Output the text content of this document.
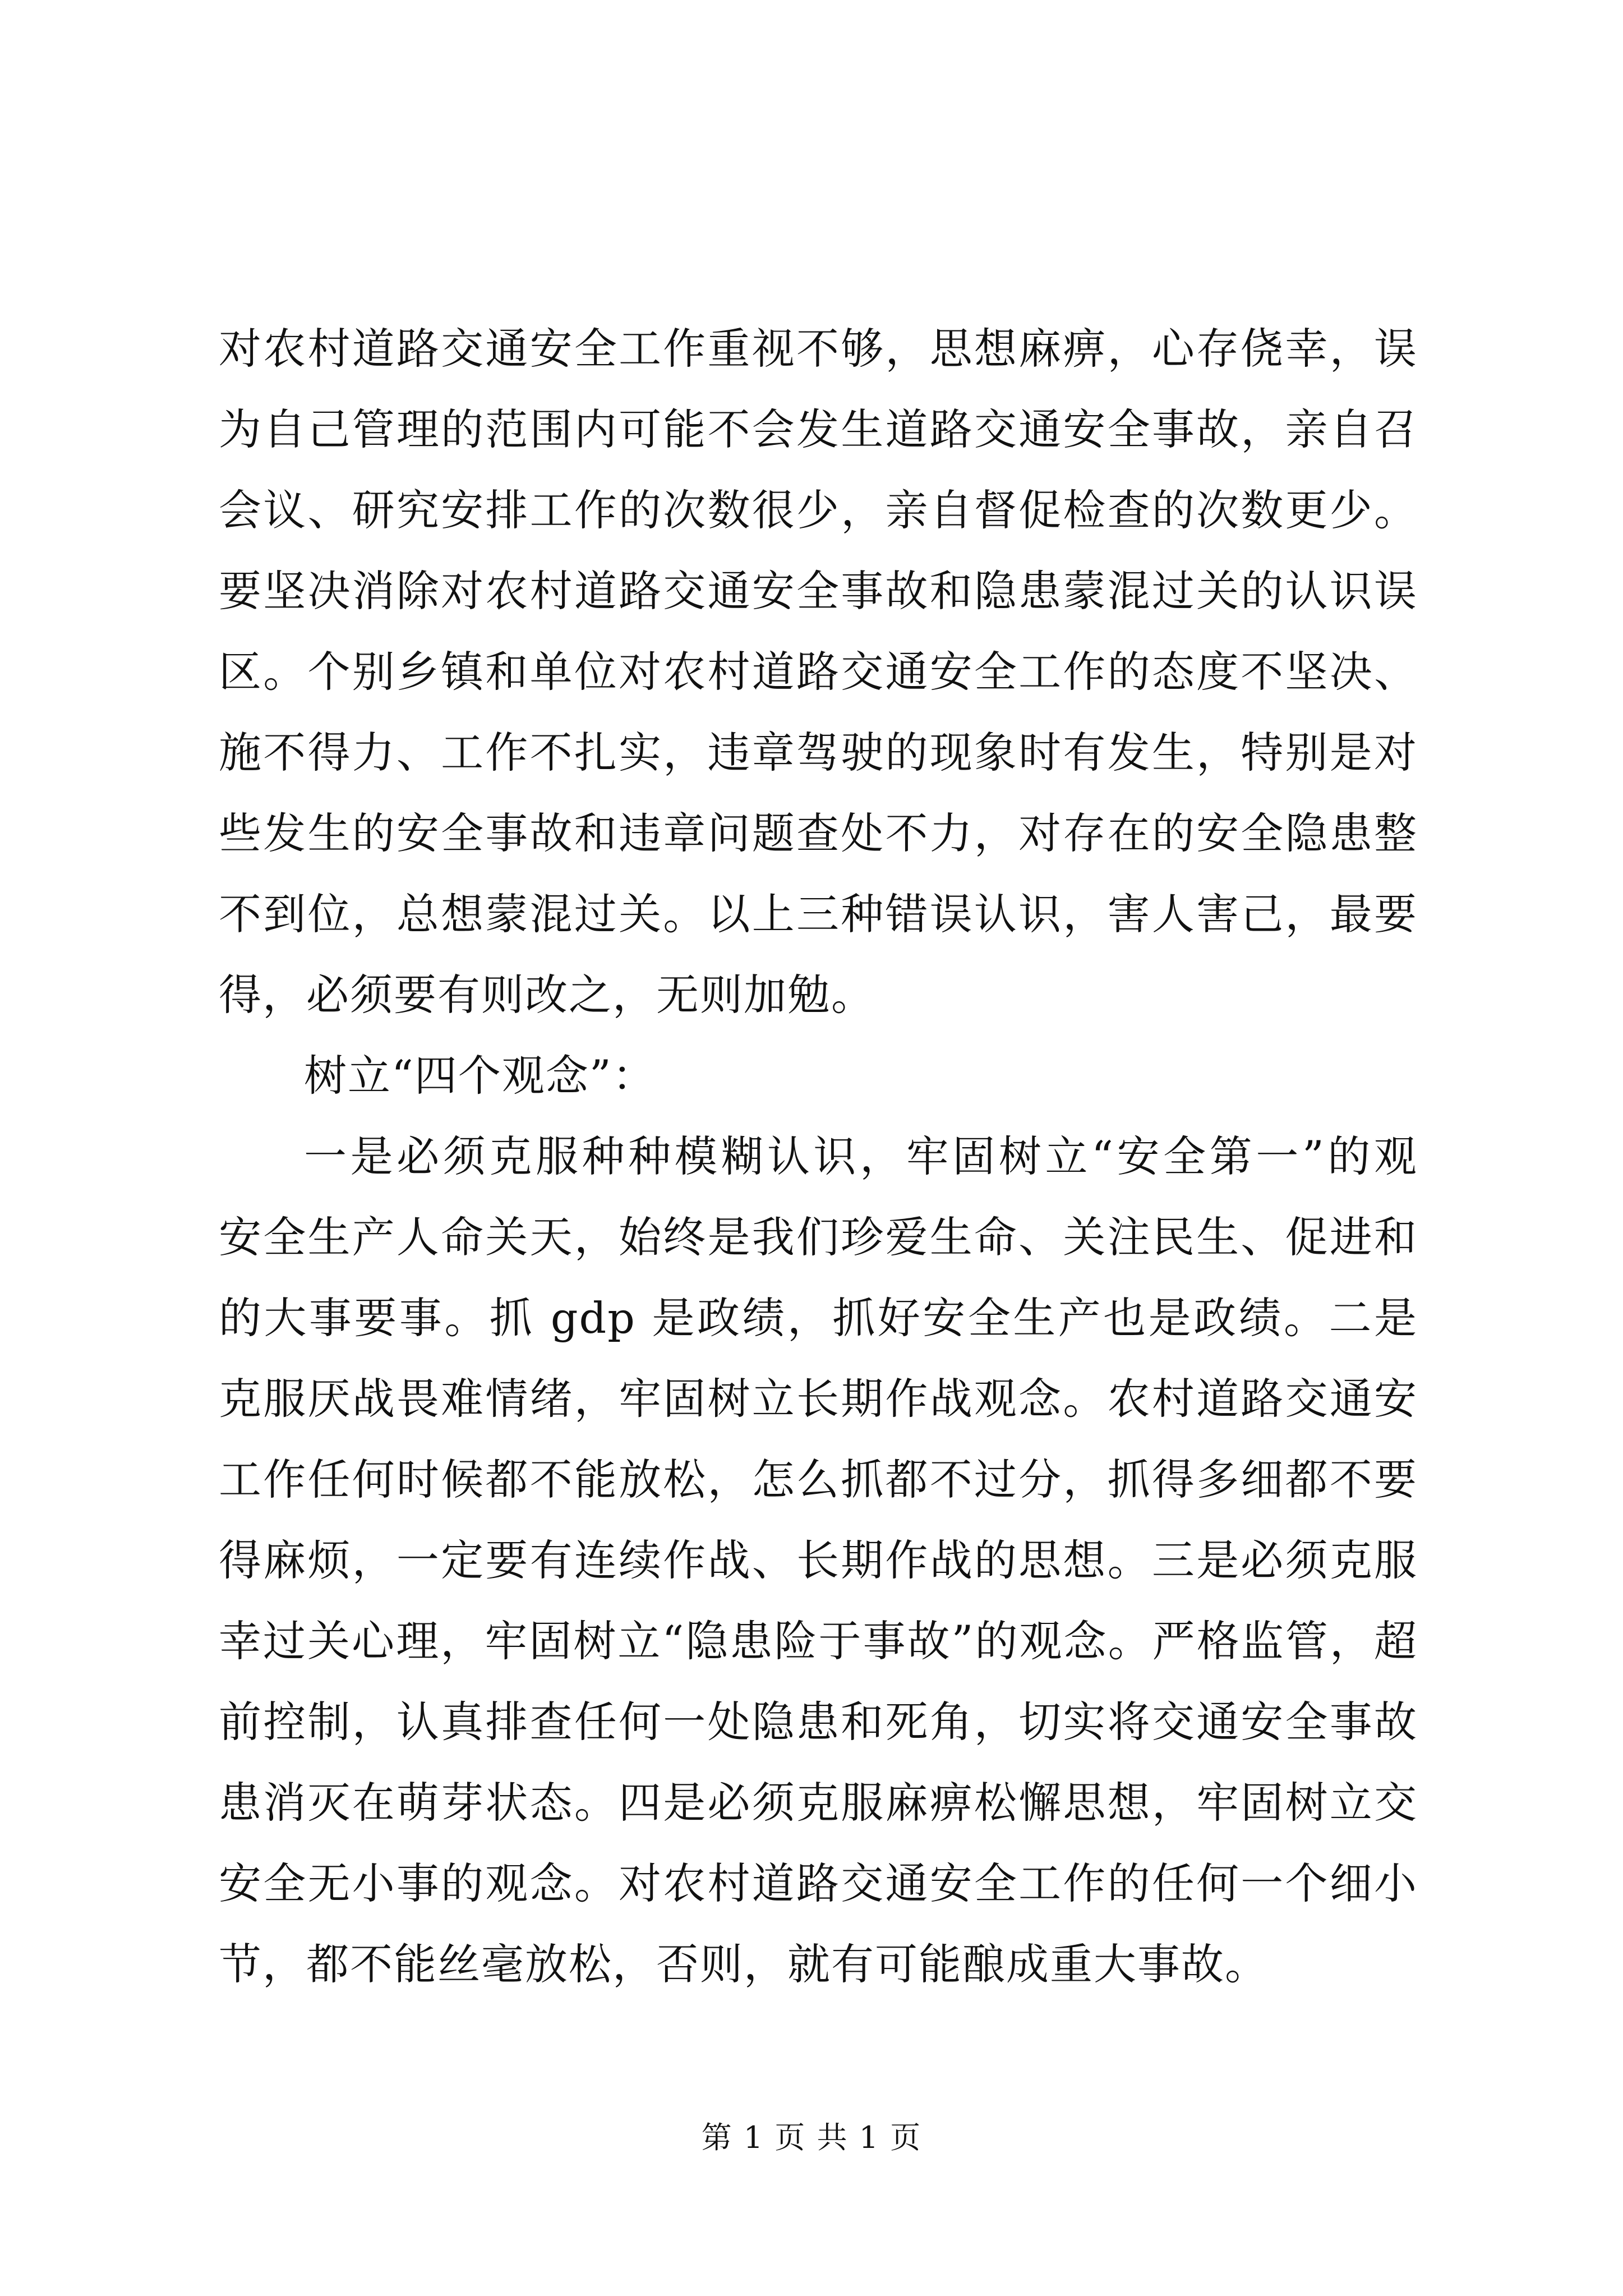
对农村道路交通安全工作重视不够，思想麻痹，心存侥幸，误
为自己管理的范围内可能不会发生道路交通安全事故，亲自召
会议、研究安排工作的次数很少，亲自督促检查的次数更少。
要坚决消除对农村道路交通安全事故和隐患蒙混过关的认识误
区。个别乡镇和单位对农村道路交通安全工作的态度不坚决、
施不得力、工作不扎实，违章驾驶的现象时有发生，特别是对
些发生的安全事故和违章问题查处不力，对存在的安全隐患整
不到位，总想蒙混过关。以上三种错误认识，害人害己，最要
得，必须要有则改之，无则加勉。
树立“四个观念”：
一是必须克服种种模糊认识，牢固树立“安全第一”的观
安全生产人命关天，始终是我们珍爱生命、关注民生、促进和
的大事要事。抓 gdp 是政绩，抓好安全生产也是政绩。二是
克服厌战畏难情绪，牢固树立长期作战观念。农村道路交通安
工作任何时候都不能放松，怎么抓都不过分，抓得多细都不要
得麻烦，一定要有连续作战、长期作战的思想。三是必须克服
幸过关心理，牢固树立“隐患险于事故”的观念。严格监管，超
前控制，认真排查任何一处隐患和死角，切实将交通安全事故
患消灭在萌芽状态。四是必须克服麻痹松懈思想，牢固树立交
安全无小事的观念。对农村道路交通安全工作的任何一个细小
节，都不能丝毫放松，否则，就有可能酿成重大事故。
第 1 页 共 1 页
